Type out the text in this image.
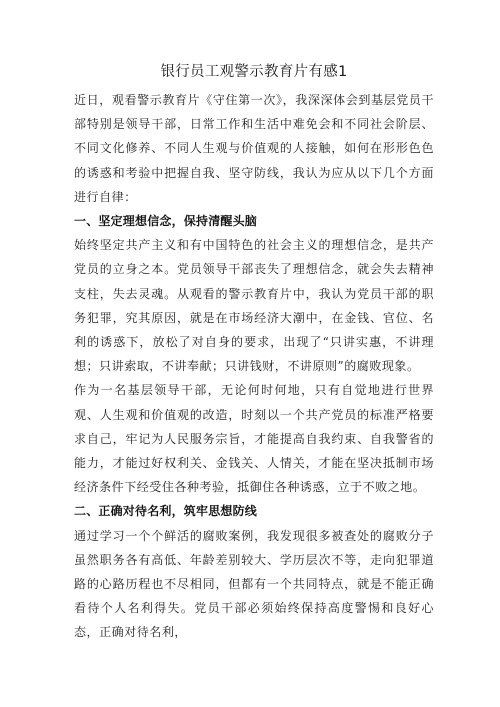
银行员工观警示教育片有感1

近日，观看警示教育片《守住第一次》，我深深体会到基层党员干部特别是领导干部，日常工作和生活中难免会和不同社会阶层、不同文化修养、不同人生观与价值观的人接触，如何在形形色色的诱惑和考验中把握自我、坚守防线，我认为应从以下几个方面进行自律：

一、坚定理想信念，保持清醒头脑

始终坚定共产主义和有中国特色的社会主义的理想信念，是共产党员的立身之本。党员领导干部丧失了理想信念，就会失去精神支柱，失去灵魂。从观看的警示教育片中，我认为党员干部的职务犯罪，究其原因，就是在市场经济大潮中，在金钱、官位、名利的诱惑下，放松了对自身的要求，出现了“只讲实惠，不讲理想；只讲索取，不讲奉献；只讲钱财，不讲原则”的腐败现象。

作为一名基层领导干部，无论何时何地，只有自觉地进行世界观、人生观和价值观的改造，时刻以一个共产党员的标准严格要求自己，牢记为人民服务宗旨，才能提高自我约束、自我警省的能力，才能过好权利关、金钱关、人情关，才能在坚决抵制市场经济条件下经受住各种考验，抵御住各种诱惑，立于不败之地。

二、正确对待名利，筑牢思想防线

通过学习一个个鲜活的腐败案例，我发现很多被查处的腐败分子虽然职务各有高低、年龄差别较大、学历层次不等，走向犯罪道路的心路历程也不尽相同，但都有一个共同特点，就是不能正确看待个人名利得失。党员干部必须始终保持高度警惕和良好心态，正确对待名利，
